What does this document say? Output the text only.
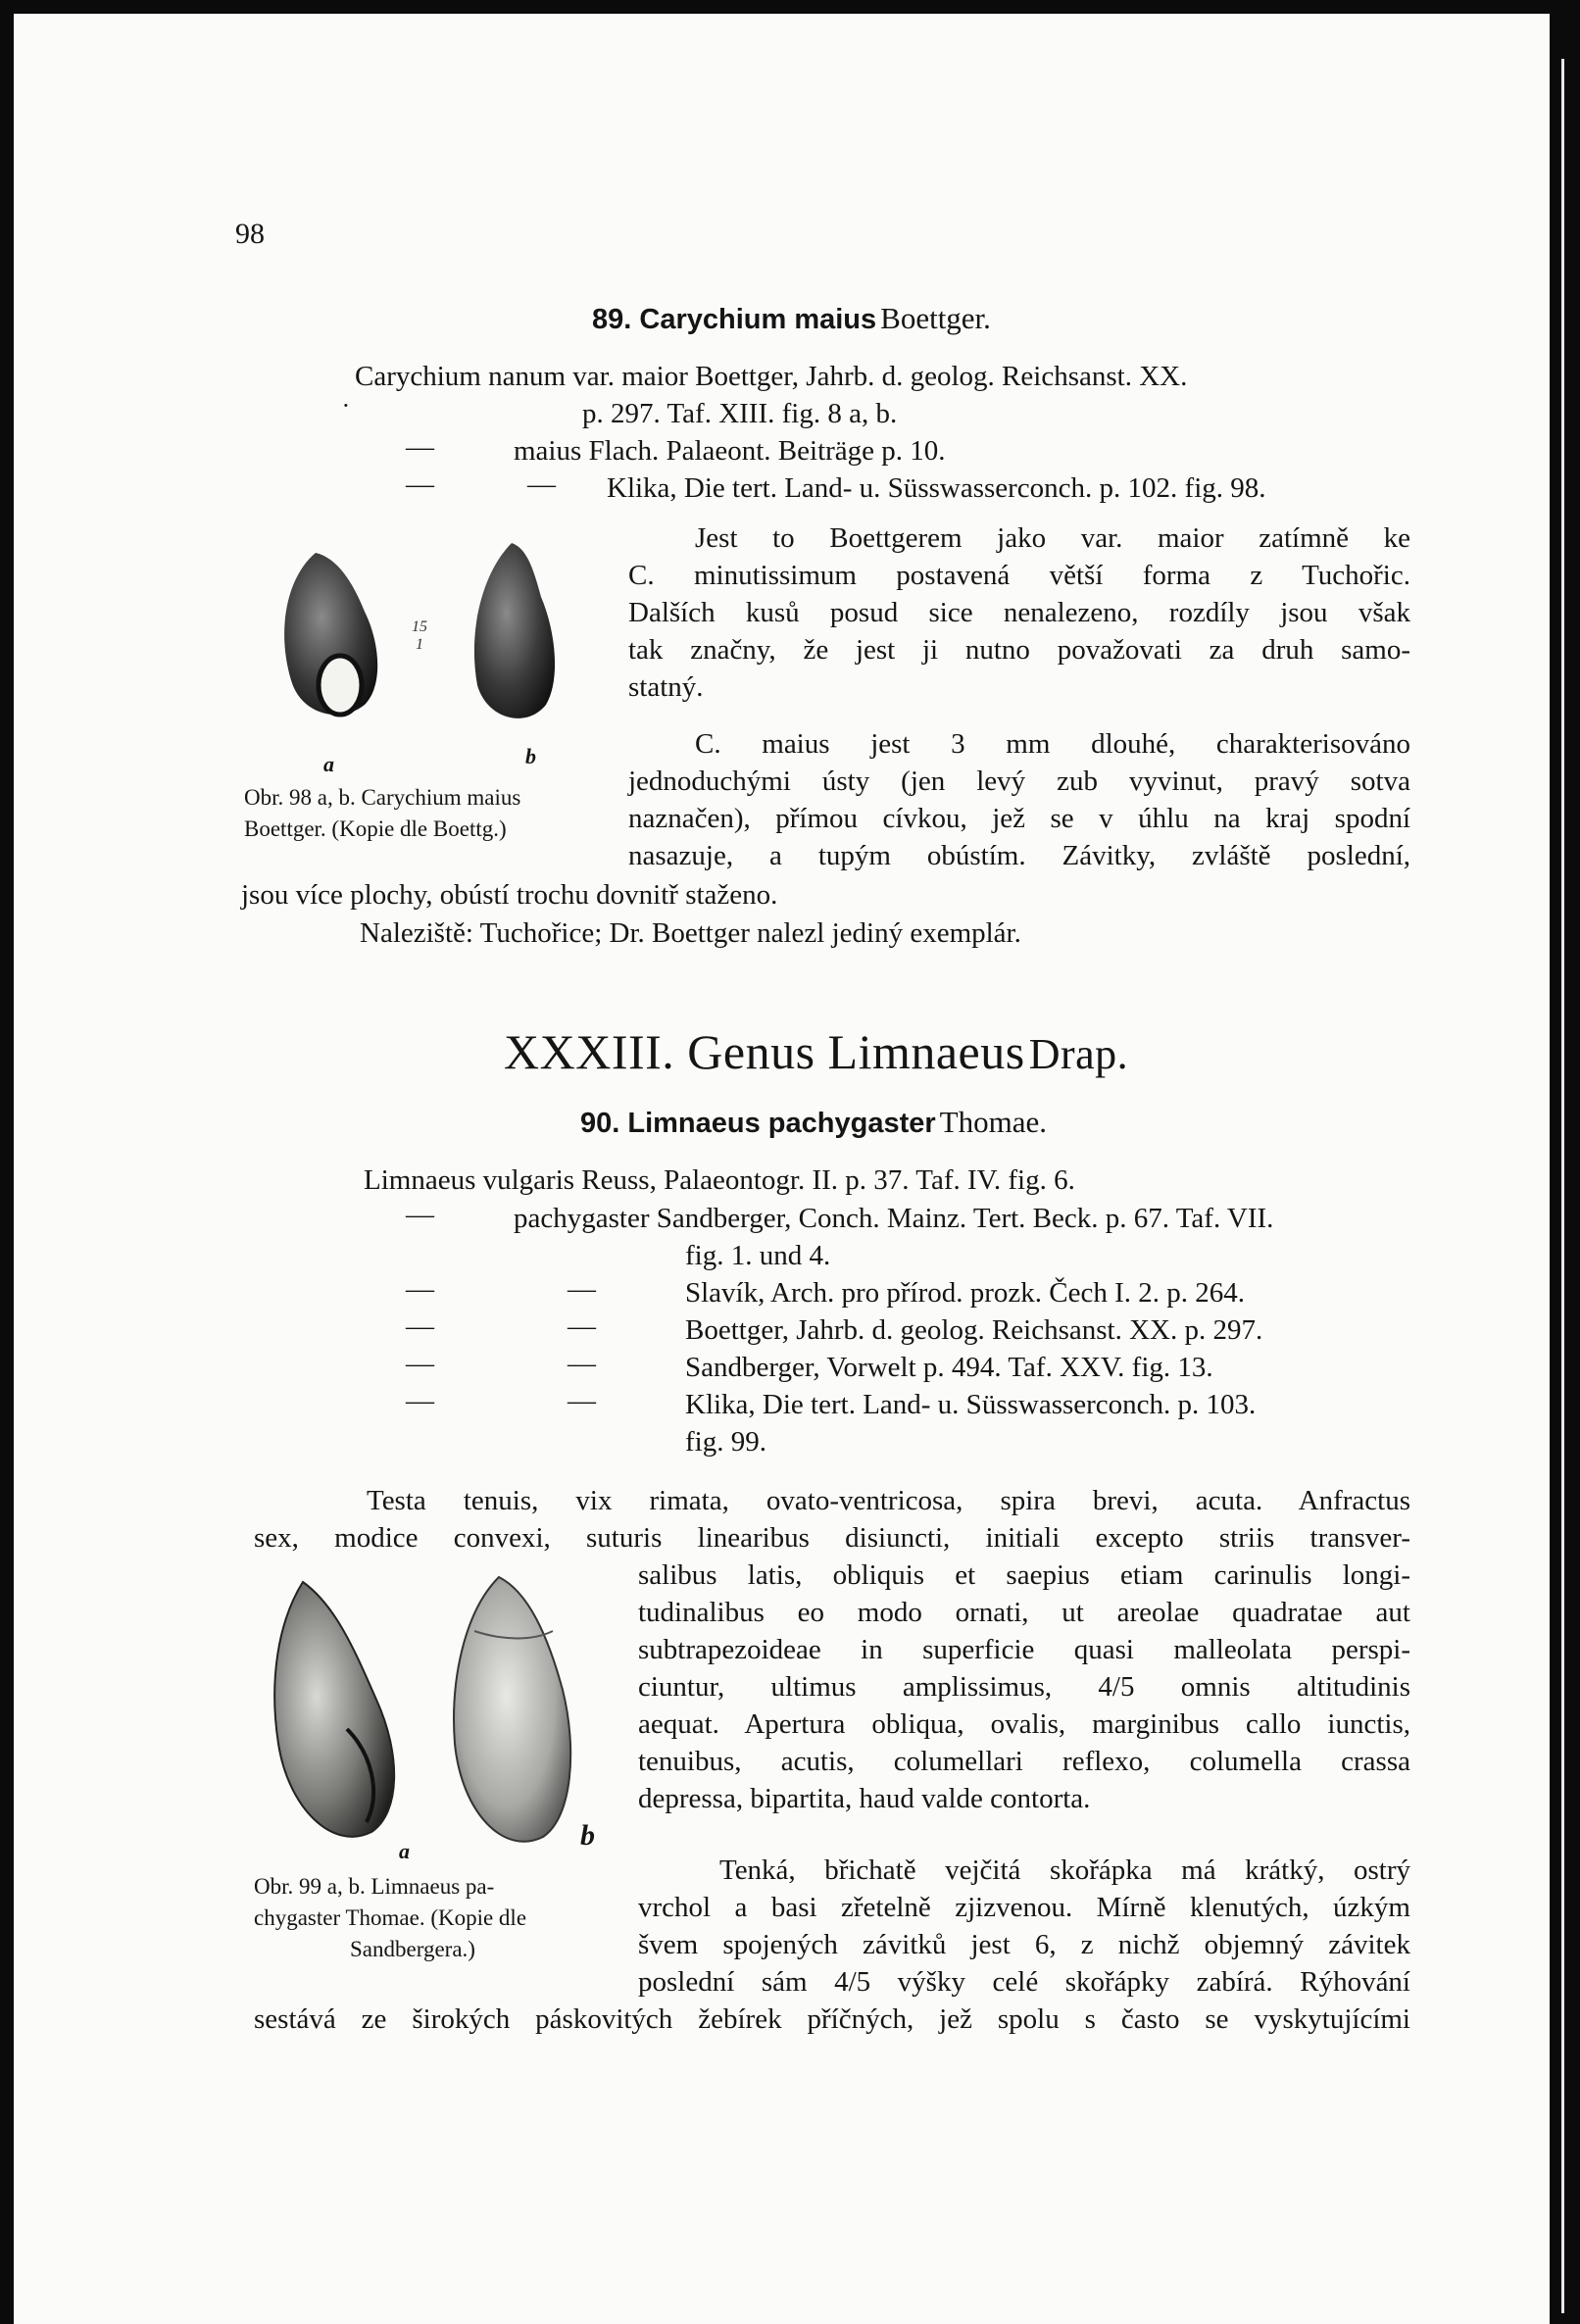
98
89. Carychium maius Boettger.
Carychium nanum var. maior Boettger, Jahrb. d. geolog. Reichsanst. XX.
˙	p. 297. Taf. XIII. fig. 8 a, b.
—	maius Flach. Palaeont. Beiträge p. 10.
—	— Klika, Die tert. Land- u. Süsswasserconch. p. 102. fig. 98.
15
1
a	b
Obr. 98 a, b. Carychium maius
Boettger. (Kopie dle Boettg.)
Jest to Boettgerem jako var. maior zatímně ke
C. minutissimum postavená větší forma z Tuchořic.
Dalších kusů posud sice nenalezeno, rozdíly jsou však
tak značny, že jest ji nutno považovati za druh samo-
statný.
C. maius jest 3 mm dlouhé, charakterisováno
jednoduchými ústy (jen levý zub vyvinut, pravý sotva
naznačen), přímou cívkou, jež se v úhlu na kraj spodní
nasazuje, a tupým obústím. Závitky, zvláště poslední,
jsou více plochy, obústí trochu dovnitř staženo.
Naleziště: Tuchořice; Dr. Boettger nalezl jediný exemplár.
XXXIII. Genus Limnaeus Drap.
90. Limnaeus pachygaster Thomae.
Limnaeus vulgaris Reuss, Palaeontogr. II. p. 37. Taf. IV. fig. 6.
—	pachygaster Sandberger, Conch. Mainz. Tert. Beck. p. 67. Taf. VII.
fig. 1. und 4.
—	—	Slavík, Arch. pro přírod. prozk. Čech I. 2. p. 264.
—	—	Boettger, Jahrb. d. geolog. Reichsanst. XX. p. 297.
—	—	Sandberger, Vorwelt p. 494. Taf. XXV. fig. 13.
—	—	Klika, Die tert. Land- u. Süsswasserconch. p. 103.
fig. 99.
Testa tenuis, vix rimata, ovato-ventricosa, spira brevi, acuta. Anfractus
sex, modice convexi, suturis linearibus disiuncti, initiali excepto striis transver-
salibus latis, obliquis et saepius etiam carinulis longi-
tudinalibus eo modo ornati, ut areolae quadratae aut
subtrapezoideae in superficie quasi malleolata perspi-
ciuntur, ultimus amplissimus, 4/5 omnis altitudinis
aequat. Apertura obliqua, ovalis, marginibus callo iunctis,
tenuibus, acutis, columellari reflexo, columella crassa
depressa, bipartita, haud valde contorta.
a	b
Obr. 99 a, b. Limnaeus pa-
chygaster Thomae. (Kopie dle
Sandbergera.)
Tenká, břichatě vejčitá skořápka má krátký, ostrý
vrchol a basi zřetelně zjizvenou. Mírně klenutých, úzkým
švem spojených závitků jest 6, z nichž objemný závitek
poslední sám 4/5 výšky celé skořápky zabírá. Rýhování
sestává ze širokých páskovitých žebírek příčných, jež spolu s často se vyskytujícími
